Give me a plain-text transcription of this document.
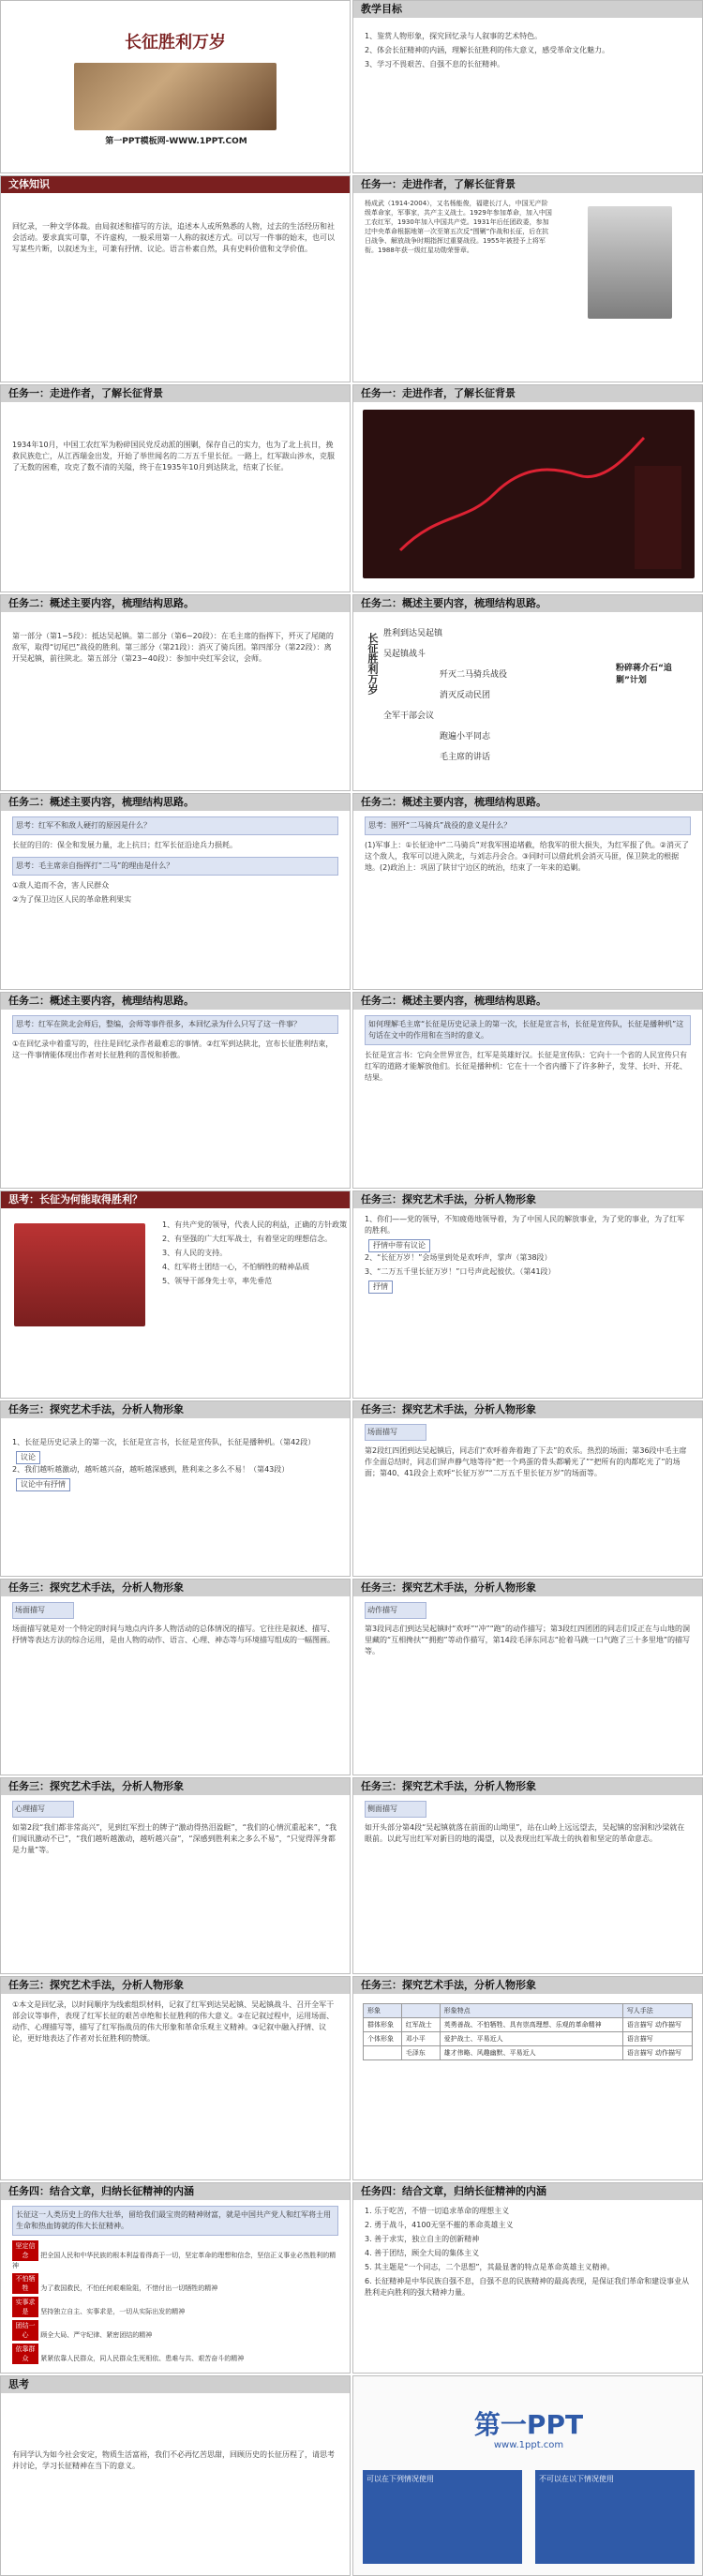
长征胜利万岁
第一PPT模板网-WWW.1PPT.COM
教学目标

1、鉴赏人物形象，探究回忆录与人叙事的艺术特色。

2、体会长征精神的内涵，理解长征胜利的伟大意义，感受革命文化魅力。

3、学习不畏艰苦、自强不息的长征精神。

文体知识
回忆录，一种文学体裁。由局叙述和描写的方法，追述本人或所熟悉的人物，过去的生活经历和社会活动。要求真实可靠，不许虚构，一般采用第一人称的叙述方式。可以写一件事的始末，也可以写某些片断，以叙述为主，可兼有抒情、议论。语言朴素自然，具有史料价值和文学价值。
任务一：走进作者，了解长征背景
杨成武（1914-2004），又名杨能俊，福建长汀人，中国无产阶级革命家，军事家，共产主义战士。1929年参加革命，加入中国工农红军，1930年加入中国共产党。1931年后任团政委，参加过中央革命根据地第一次至第五次反“围剿”作战和长征，后在抗日战争、解放战争时期指挥过重要战役。1955年被授予上将军衔。1988年获一级红星功勋荣誉章。
任务一：走进作者，了解长征背景
1934年10月，中国工农红军为粉碎国民党反动派的围剿，保存自己的实力，也为了北上抗日，挽救民族危亡，从江西瑞金出发，开始了举世闻名的二万五千里长征。一路上，红军跋山涉水，克服了无数的困难，攻克了数不清的关隘，终于在1935年10月到达陕北，结束了长征。
任务一：走进作者，了解长征背景
任务二：概述主要内容，梳理结构思路。
第一部分（第1~5段）：抵达吴起镇。第二部分（第6~20段）：在毛主席的指挥下，歼灭了尾随的敌军，取得“切尾巴”战役的胜利。第三部分（第21段）：消灭了骑兵团。第四部分（第22段）：离开吴起镇，前往陕北。第五部分（第23~40段）：参加中央红军会议，会师。
任务二：概述主要内容，梳理结构思路。
长征胜利万岁 胜利到达吴起镇
吴起镇战斗
歼灭二马骑兵战役
消灭反动民团
全军干部会议
跑遍小平同志
毛主席的讲话
粉碎蒋介石“追剿”计划
任务二：概述主要内容，梳理结构思路。
思考：红军不和敌人硬打的原因是什么？

长征的目的：保全和发展力量，北上抗日；红军长征沿途兵力损耗。

思考：毛主席亲自指挥打“二马”的理由是什么？

①敌人追而不舍，害人民群众

②为了保卫边区人民的革命胜利果实

任务二：概述主要内容，梳理结构思路。
思考：围歼“二马骑兵”战役的意义是什么？

(1)军事上：①长征途中“二马骑兵”对我军围追堵截，给我军的很大损失，为红军报了仇。②消灭了这个敌人，我军可以进入陕北，与刘志丹会合。③同时可以借此机会消灭马匪，保卫陕北的根据地。(2)政治上：巩固了陕甘宁边区的统治，结束了一年来的追剿。

任务二：概述主要内容，梳理结构思路。
思考：红军在陕北会师后，整编，会师等事件很多，本回忆录为什么只写了这一件事？

①在回忆录中着重写的，往往是回忆录作者最难忘的事情。②红军到达陕北，宣布长征胜利结束，这一件事情能体现出作者对长征胜利的喜悦和骄傲。

任务二：概述主要内容，梳理结构思路。
如何理解毛主席“长征是历史记录上的第一次，长征是宣言书，长征是宣传队，长征是播种机”这句话在文中的作用和在当时的意义。

长征是宣言书：它向全世界宣告，红军是英雄好汉。长征是宣传队：它向十一个省的人民宣传只有红军的道路才能解放他们。长征是播种机：它在十一个省内播下了许多种子，发芽、长叶、开花、结果。

思考：长征为何能取得胜利？

1、有共产党的领导，代表人民的利益，正确的方针政策

2、有坚强的广大红军战士，有着坚定的理想信念。

3、有人民的支持。

4、红军将士团结一心，不怕牺牲的精神品质

5、领导干部身先士卒，率先垂范

任务三：探究艺术手法，分析人物形象

1、你们——党的领导，不知疲倦地领导着，为了中国人民的解放事业，为了党的事业，为了红军的胜利。

抒情中带有议论

2、“长征万岁！”会场里到处是欢呼声，掌声（第38段）

3、“二万五千里长征万岁！”口号声此起彼伏。（第41段）

抒情
任务三：探究艺术手法，分析人物形象

1、长征是历史记录上的第一次，长征是宣言书，长征是宣传队，长征是播种机。（第42段）

议论

2、我们越听越激动，越听越兴奋，越听越深感到，胜利来之多么不易！（第43段）

议论中有抒情
任务三：探究艺术手法，分析人物形象
场面描写

第2段红四团到达吴起镇后，同志们“欢呼着奔着跑了下去”的欢乐。热烈的场面；第36段中毛主席作全面总结时，同志们屏声静气地等待“把一个鸡蛋的骨头都嚼光了”“把所有的肉都吃光了”的场面；第40、41段会上欢呼“长征万岁”“二万五千里长征万岁”的场面等。

任务三：探究艺术手法，分析人物形象
场面描写

场面描写就是对一个特定的时间与地点内许多人物活动的总体情况的描写。它往往是叙述、描写、抒情等表达方法的综合运用，是由人物的动作、语言、心理、神态等与环境描写组成的一幅图画。

任务三：探究艺术手法，分析人物形象
动作描写

第3段同志们到达吴起镇时“欢呼”“冲”“跑”的动作描写；第3段红四团团的同志们反正在与山地的洞里藏的“互相搀扶”“拥抱”等动作描写，第14段毛泽东同志“抢着马跳一口气跑了三十多里地”的描写等。

任务三：探究艺术手法，分析人物形象
心理描写

如第2段“我们都非常高兴”，见到红军烈士的牌子“激动得热泪盈眶”，“我们的心情沉重起来”，“我们闻讯激动不已”，“我们越听越激动，越听越兴奋”，“深感到胜利来之多么不易”，“只觉得浑身都是力量”等。

任务三：探究艺术手法，分析人物形象
侧面描写

如开头部分第4段“吴起镇就落在前面的山坳里”，站在山岭上远远望去，吴起镇的窑洞和沙梁就在眼前。以此写出红军对新目的地的渴望，以及表现出红军战士的执着和坚定的革命意志。

任务三：探究艺术手法，分析人物形象
①本文是回忆录，以时间顺序为线索组织材料，记叙了红军到达吴起镇、吴起镇战斗、召开全军干部会议等事件，表现了红军长征的艰苦卓绝和长征胜利的伟大意义。②在记叙过程中，运用场面、动作、心理描写等，描写了红军指战员的伟大形象和革命乐观主义精神。③记叙中融入抒情、议论，更好地表达了作者对长征胜利的赞颂。
任务三：探究艺术手法，分析人物形象
形象		形象特点	写人手法
群体形象	红军战士	英勇善战、不怕牺牲、具有崇高理想、乐观的革命精神	语言描写 动作描写
个体形象	邓小平	爱护战士、平易近人	语言描写
	毛泽东	雄才伟略、风趣幽默、平易近人	语言描写 动作描写
任务四：结合文章，归纳长征精神的内涵
长征这一人类历史上的伟大壮举，留给我们最宝贵的精神财富，就是中国共产党人和红军将士用生命和热血铸就的伟大长征精神。
坚定信念 把全国人民和中华民族的根本利益看得高于一切，坚定革命的理想和信念，坚信正义事业必然胜利的精神
不怕牺牲 为了救国救民，不怕任何艰难险阻，不惜付出一切牺牲的精神
实事求是 坚持独立自主、实事求是，一切从实际出发的精神
团结一心 顾全大局、严守纪律、紧密团结的精神
依靠群众 紧紧依靠人民群众，同人民群众生死相依、患难与共、艰苦奋斗的精神
任务四：结合文章，归纳长征精神的内涵

1. 乐于吃苦，不惜一切追求革命的理想主义

2. 勇于战斗，4100无坚不摧的革命英雄主义

3. 善于求实，独立自主的创新精神

4. 善于团结，顾全大局的集体主义

5. 其主题是“一个同志，二个思想”，其最显著的特点是革命英雄主义精神。

6. 长征精神是中华民族自强不息，自强不息的民族精神的最高表现，是保证我们革命和建设事业从胜利走向胜利的强大精神力量。

思考
有同学认为如今社会安定，物质生活富裕，我们不必再忆苦思甜，回顾历史的长征历程了，请思考并讨论，学习长征精神在当下的意义。
第一PPT
www.1ppt.com
可以在下列情况使用	不可以在以下情况使用
